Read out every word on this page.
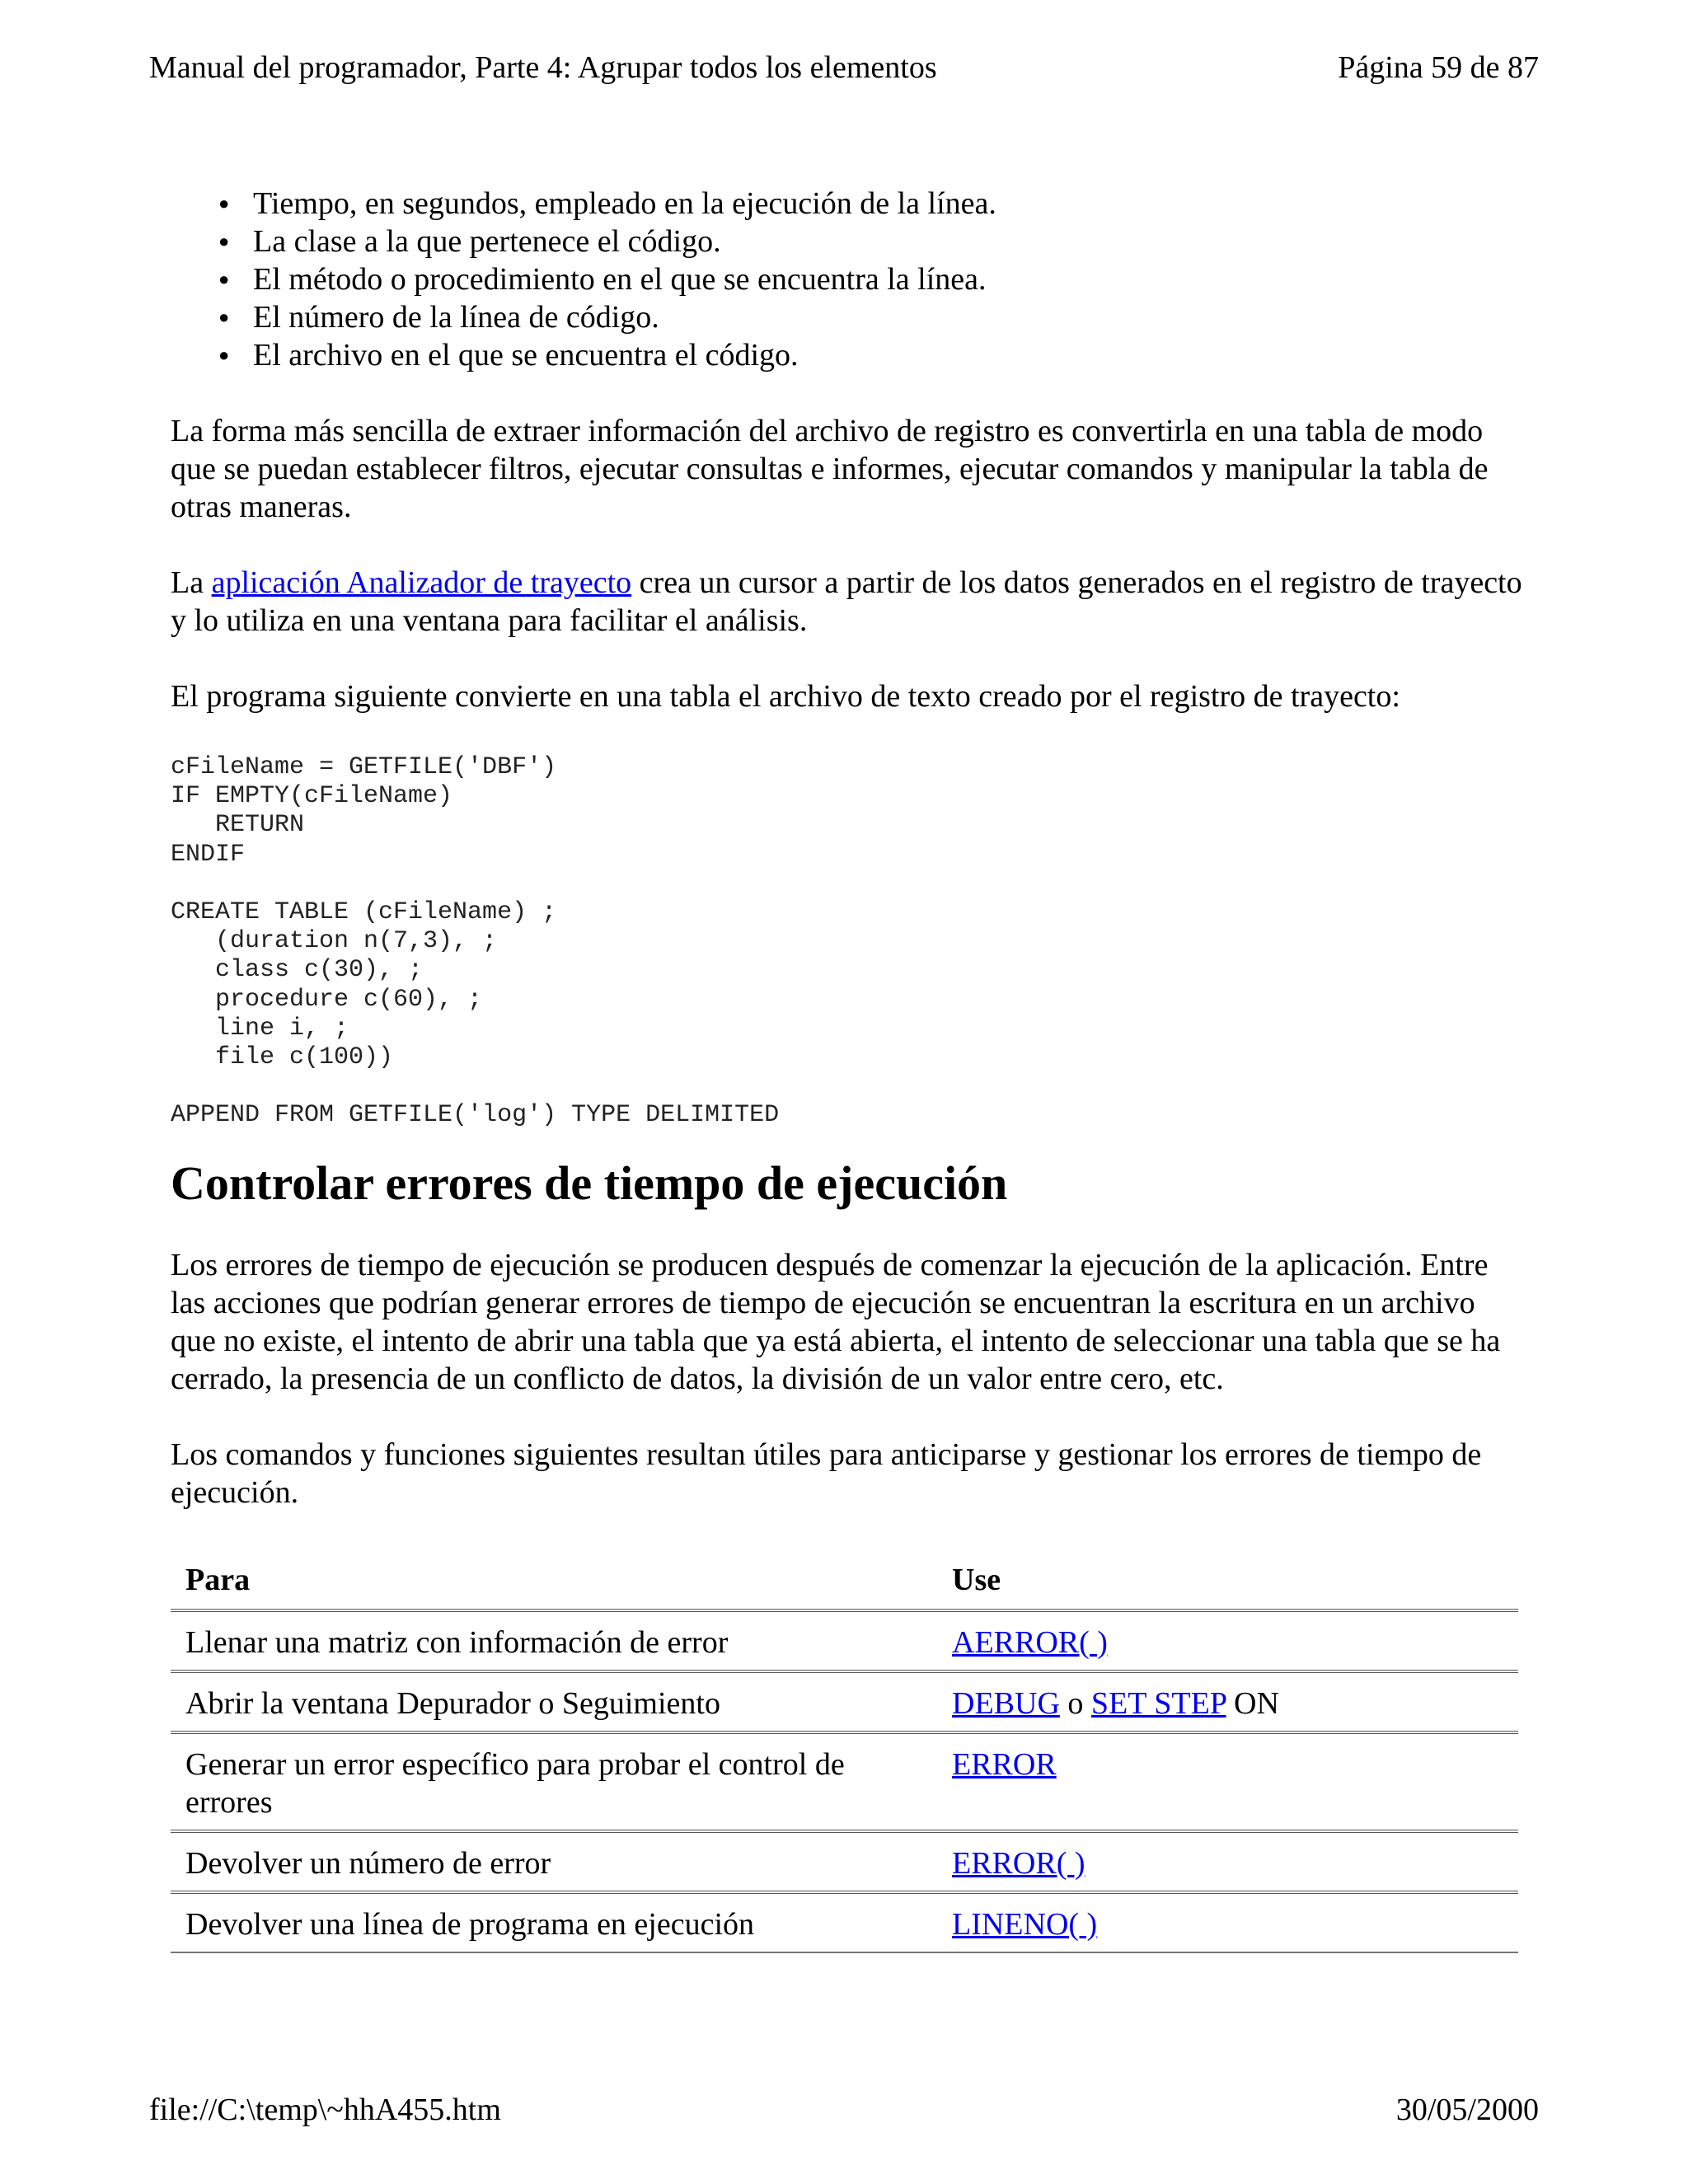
Manual del programador, Parte 4: Agrupar todos los elementos	Página 59 de 87
● Tiempo, en segundos, empleado en la ejecución de la línea.
● La clase a la que pertenece el código.
● El método o procedimiento en el que se encuentra la línea.
● El número de la línea de código.
● El archivo en el que se encuentra el código.

La forma más sencilla de extraer información del archivo de registro es convertirla en una tabla de modo que se puedan establecer filtros, ejecutar consultas e informes, ejecutar comandos y manipular la tabla de otras maneras.

La aplicación Analizador de trayecto crea un cursor a partir de los datos generados en el registro de trayecto y lo utiliza en una ventana para facilitar el análisis.

El programa siguiente convierte en una tabla el archivo de texto creado por el registro de trayecto:

cFileName = GETFILE('DBF')
IF EMPTY(cFileName)
RETURN
ENDIF

CREATE TABLE (cFileName) ;
(duration n(7,3), ;
class c(30), ;
procedure c(60), ;
line i, ;
file c(100))

APPEND FROM GETFILE('log') TYPE DELIMITED
Controlar errores de tiempo de ejecución

Los errores de tiempo de ejecución se producen después de comenzar la ejecución de la aplicación. Entre las acciones que podrían generar errores de tiempo de ejecución se encuentran la escritura en un archivo que no existe, el intento de abrir una tabla que ya está abierta, el intento de seleccionar una tabla que se ha cerrado, la presencia de un conflicto de datos, la división de un valor entre cero, etc.

Los comandos y funciones siguientes resultan útiles para anticiparse y gestionar los errores de tiempo de ejecución.

Para	Use
Llenar una matriz con información de error	AERROR( )
Abrir la ventana Depurador o Seguimiento	DEBUG o SET STEP ON
Generar un error específico para probar el control de errores	ERROR
Devolver un número de error	ERROR( )
Devolver una línea de programa en ejecución	LINENO( )
file://C:\temp\~hhA455.htm	30/05/2000
